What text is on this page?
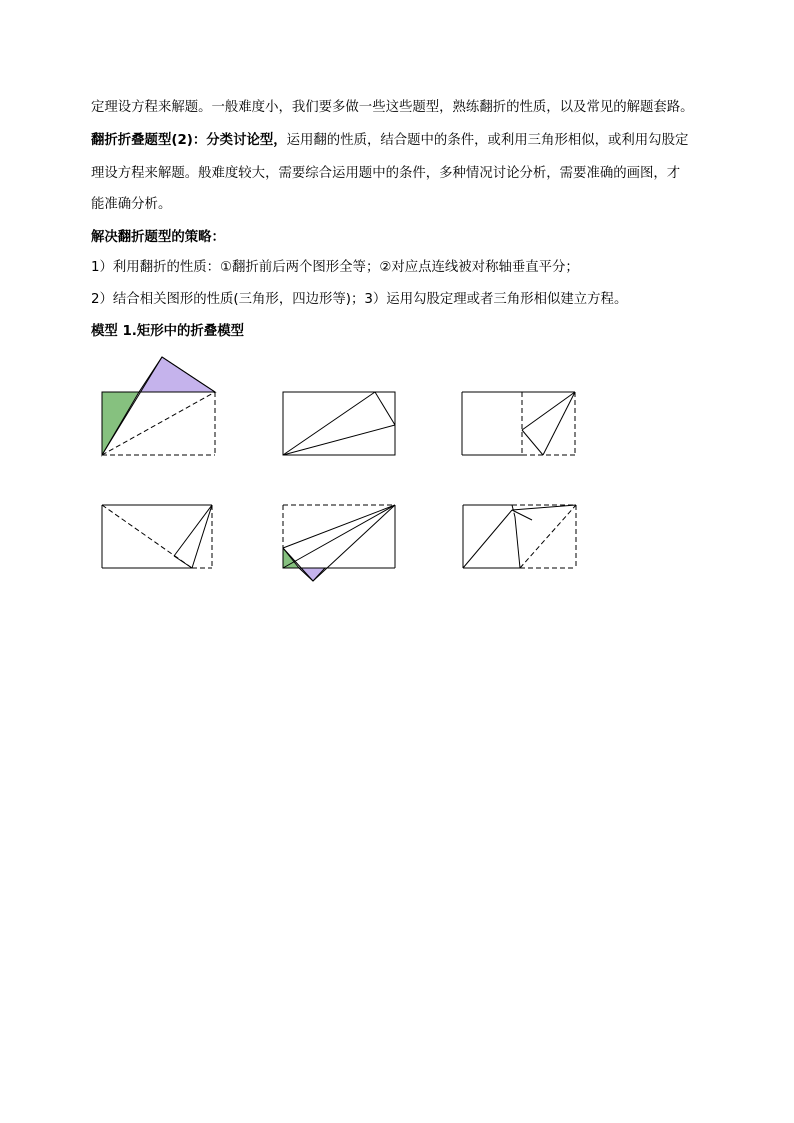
定理设方程来解题。一般难度小，我们要多做一些这些题型，熟练翻折的性质，以及常见的解题套路。
翻折折叠题型(2)：分类讨论型，运用翻的性质，结合题中的条件，或利用三角形相似，或利用勾股定
理设方程来解题。般难度较大，需要综合运用题中的条件，多种情况讨论分析，需要准确的画图，才
能准确分析。
解决翻折题型的策略：
1）利用翻折的性质：①翻折前后两个图形全等；②对应点连线被对称轴垂直平分；
2）结合相关图形的性质(三角形，四边形等)；3）运用勾股定理或者三角形相似建立方程。
模型 1.矩形中的折叠模型
